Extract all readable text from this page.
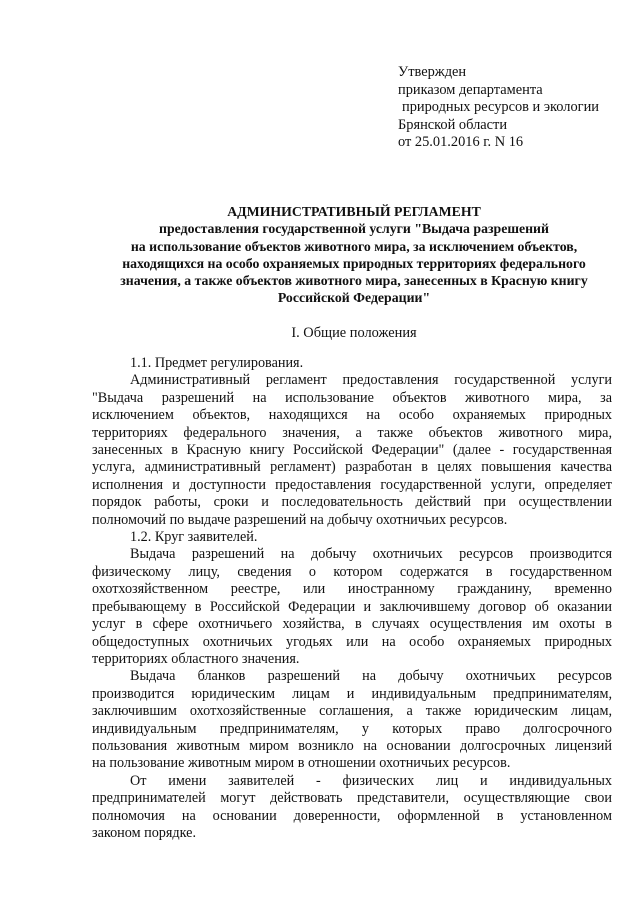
Утвержден
приказом департамента
природных ресурсов и экологии
Брянской области
от 25.01.2016 г. N 16
АДМИНИСТРАТИВНЫЙ РЕГЛАМЕНТ
предоставления государственной услуги "Выдача разрешений
на использование объектов животного мира, за исключением объектов,
находящихся на особо охраняемых природных территориях федерального
значения, а также объектов животного мира, занесенных в Красную книгу
Российской Федерации"
I. Общие положения
1.1. Предмет регулирования.
Административный регламент предоставления государственной услуги
"Выдача разрешений на использование объектов животного мира, за
исключением объектов, находящихся на особо охраняемых природных
территориях федерального значения, а также объектов животного мира,
занесенных в Красную книгу Российской Федерации" (далее - государственная
услуга, административный регламент) разработан в целях повышения качества
исполнения и доступности предоставления государственной услуги, определяет
порядок работы, сроки и последовательность действий при осуществлении
полномочий по выдаче разрешений на добычу охотничьих ресурсов.
1.2. Круг заявителей.
Выдача разрешений на добычу охотничьих ресурсов производится
физическому лицу, сведения о котором содержатся в государственном
охотхозяйственном реестре, или иностранному гражданину, временно
пребывающему в Российской Федерации и заключившему договор об оказании
услуг в сфере охотничьего хозяйства, в случаях осуществления им охоты в
общедоступных охотничьих угодьях или на особо охраняемых природных
территориях областного значения.
Выдача бланков разрешений на добычу охотничьих ресурсов
производится юридическим лицам и индивидуальным предпринимателям,
заключившим охотхозяйственные соглашения, а также юридическим лицам,
индивидуальным предпринимателям, у которых право долгосрочного
пользования животным миром возникло на основании долгосрочных лицензий
на пользование животным миром в отношении охотничьих ресурсов.
От имени заявителей - физических лиц и индивидуальных
предпринимателей могут действовать представители, осуществляющие свои
полномочия на основании доверенности, оформленной в установленном
законом порядке.
